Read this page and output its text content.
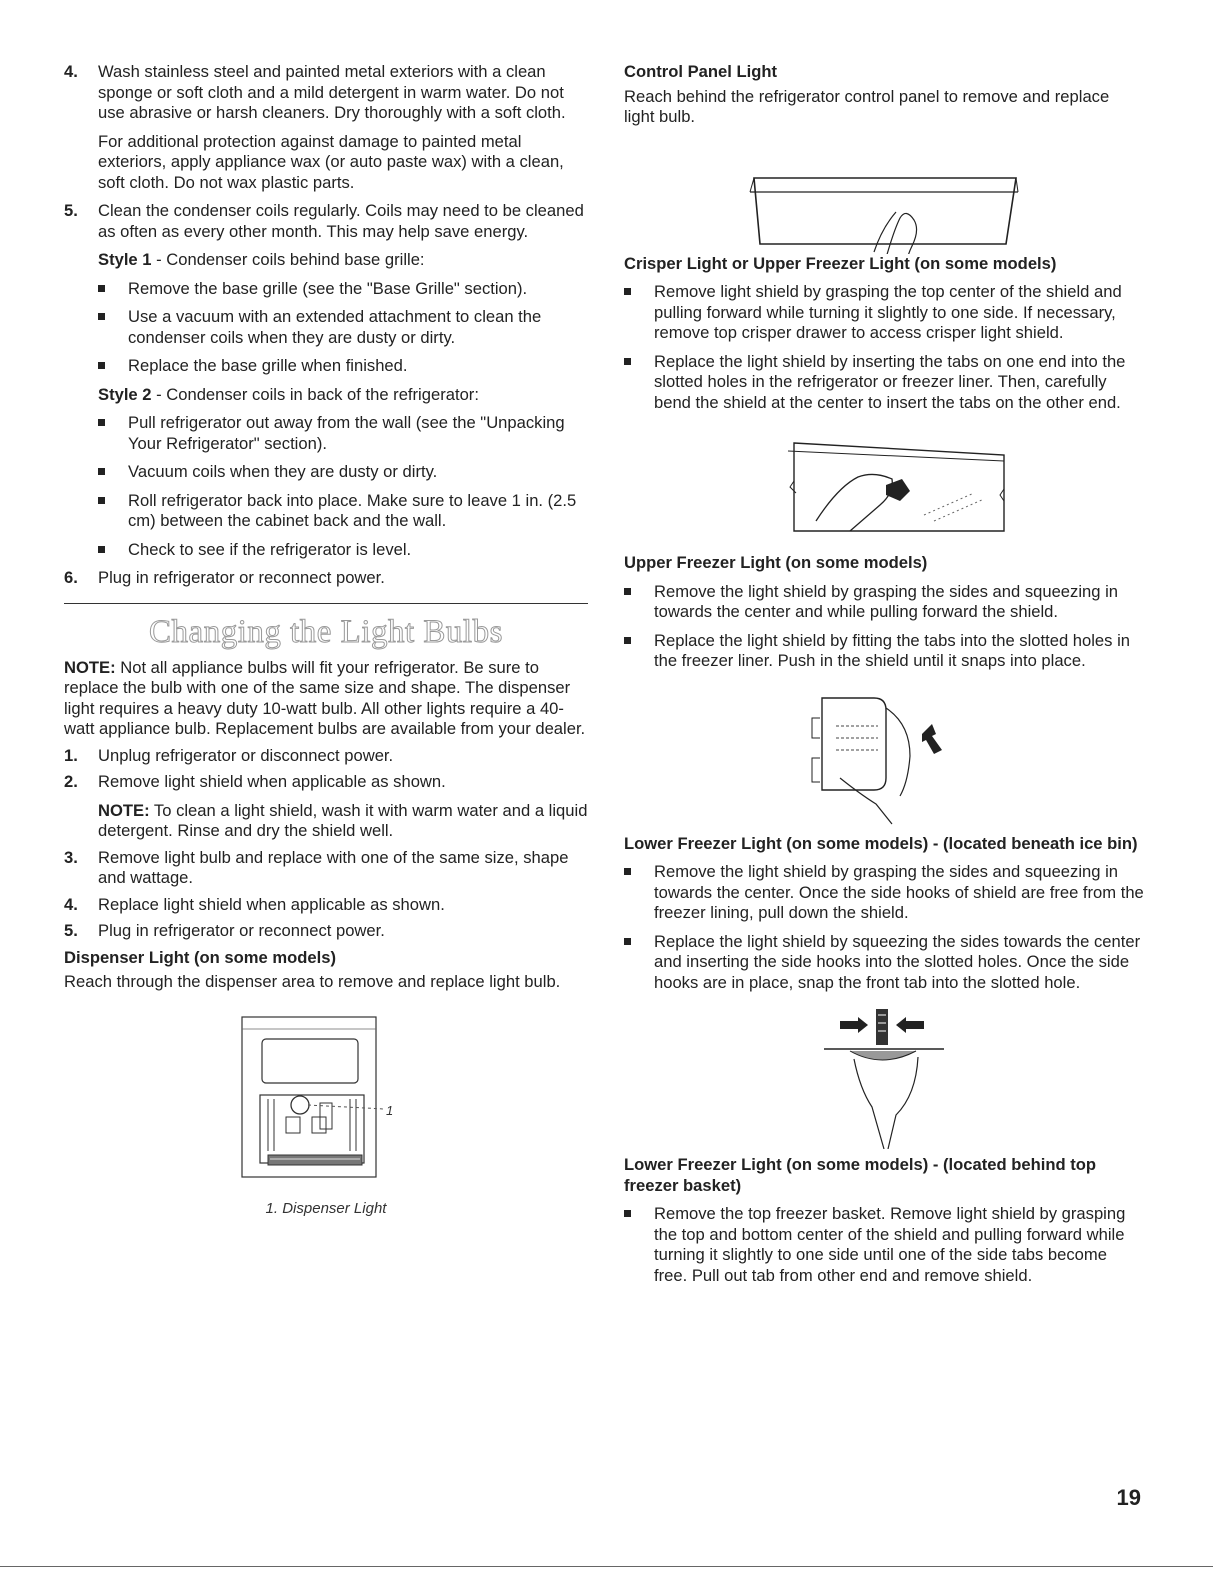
4.	Wash stainless steel and painted metal exteriors with a clean sponge or soft cloth and a mild detergent in warm water. Do not use abrasive or harsh cleaners. Dry thoroughly with a soft cloth.

For additional protection against damage to painted metal exteriors, apply appliance wax (or auto paste wax) with a clean, soft cloth. Do not wax plastic parts.

5.	Clean the condenser coils regularly. Coils may need to be cleaned as often as every other month. This may help save energy.

Style 1 - Condenser coils behind base grille:

Remove the base grille (see the "Base Grille" section).
Use a vacuum with an extended attachment to clean the condenser coils when they are dusty or dirty.
Replace the base grille when finished.

Style 2 - Condenser coils in back of the refrigerator:

Pull refrigerator out away from the wall (see the "Unpacking Your Refrigerator" section).
Vacuum coils when they are dusty or dirty.
Roll refrigerator back into place. Make sure to leave 1 in. (2.5 cm) between the cabinet back and the wall.
Check to see if the refrigerator is level.
6.	Plug in refrigerator or reconnect power.

Changing the Light Bulbs

NOTE: Not all appliance bulbs will fit your refrigerator. Be sure to replace the bulb with one of the same size and shape. The dispenser light requires a heavy duty 10-watt bulb. All other lights require a 40-watt appliance bulb. Replacement bulbs are available from your dealer.

1.	Unplug refrigerator or disconnect power.

2.	Remove light shield when applicable as shown.

NOTE: To clean a light shield, wash it with warm water and a liquid detergent. Rinse and dry the shield well.

3.	Remove light bulb and replace with one of the same size, shape and wattage.

4.	Replace light shield when applicable as shown.

5.	Plug in refrigerator or reconnect power.

Dispenser Light (on some models)

Reach through the dispenser area to remove and replace light bulb.

1
1. Dispenser Light

Control Panel Light

Reach behind the refrigerator control panel to remove and replace light bulb.

Crisper Light or Upper Freezer Light (on some models)

Remove light shield by grasping the top center of the shield and pulling forward while turning it slightly to one side. If necessary, remove top crisper drawer to access crisper light shield.
Replace the light shield by inserting the tabs on one end into the slotted holes in the refrigerator or freezer liner. Then, carefully bend the shield at the center to insert the tabs on the other end.

Upper Freezer Light (on some models)

Remove the light shield by grasping the sides and squeezing in towards the center and while pulling forward the shield.
Replace the light shield by fitting the tabs into the slotted holes in the freezer liner. Push in the shield until it snaps into place.

Lower Freezer Light (on some models) - (located beneath ice bin)

Remove the light shield by grasping the sides and squeezing in towards the center. Once the side hooks of shield are free from the freezer lining, pull down the shield.
Replace the light shield by squeezing the sides towards the center and inserting the side hooks into the slotted holes. Once the side hooks are in place, snap the front tab into the slotted hole.

Lower Freezer Light (on some models) - (located behind top freezer basket)

Remove the top freezer basket. Remove light shield by grasping the top and bottom center of the shield and pulling forward while turning it slightly to one side until one of the side tabs become free. Pull out tab from other end and remove shield.
19
